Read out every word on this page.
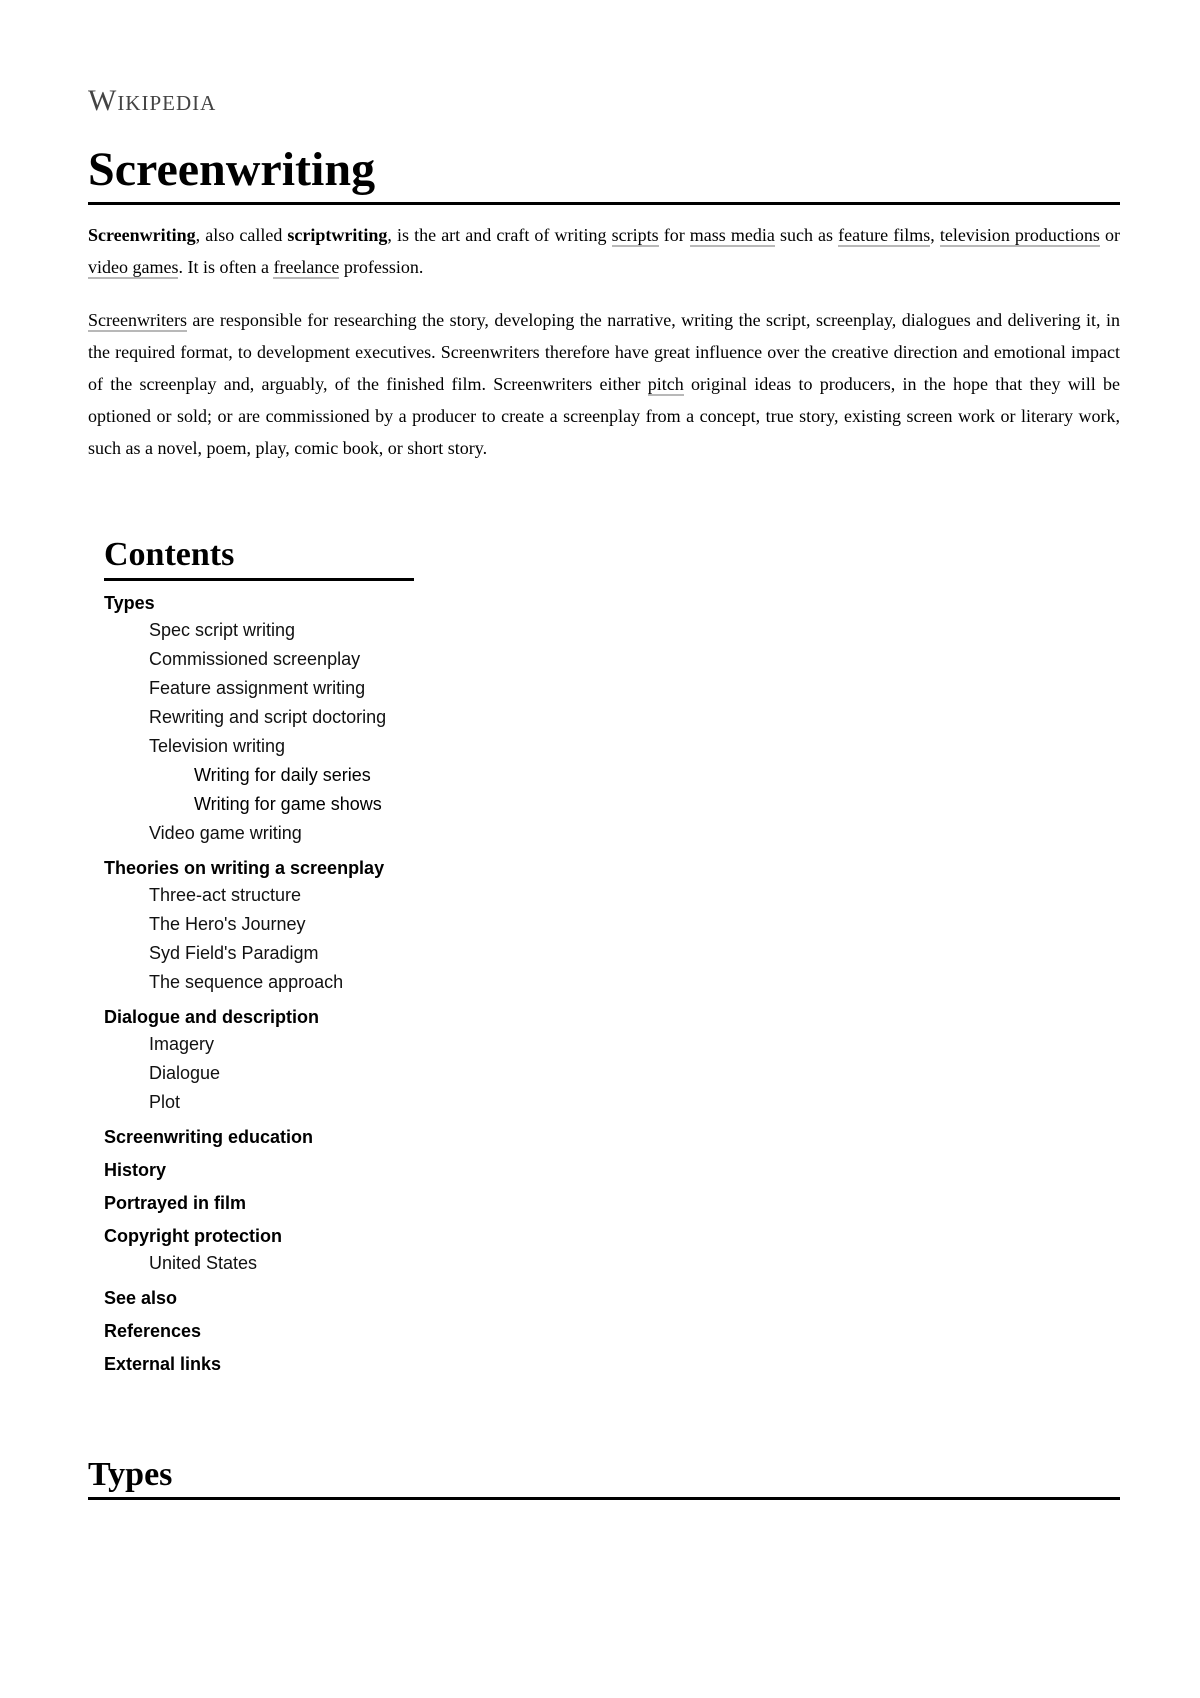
Wikipedia
Screenwriting

Screenwriting, also called scriptwriting, is the art and craft of writing scripts for mass media such as feature films, television productions or video games. It is often a freelance profession.

Screenwriters are responsible for researching the story, developing the narrative, writing the script, screenplay, dialogues and delivering it, in the required format, to development executives. Screenwriters therefore have great influence over the creative direction and emotional impact of the screenplay and, arguably, of the finished film. Screenwriters either pitch original ideas to producers, in the hope that they will be optioned or sold; or are commissioned by a producer to create a screenplay from a concept, true story, existing screen work or literary work, such as a novel, poem, play, comic book, or short story.

Contents
Types
Spec script writing
Commissioned screenplay
Feature assignment writing
Rewriting and script doctoring
Television writing
Writing for daily series
Writing for game shows
Video game writing
Theories on writing a screenplay
Three-act structure
The Hero's Journey
Syd Field's Paradigm
The sequence approach
Dialogue and description
Imagery
Dialogue
Plot
Screenwriting education
History
Portrayed in film
Copyright protection
United States
See also
References
External links
Types
